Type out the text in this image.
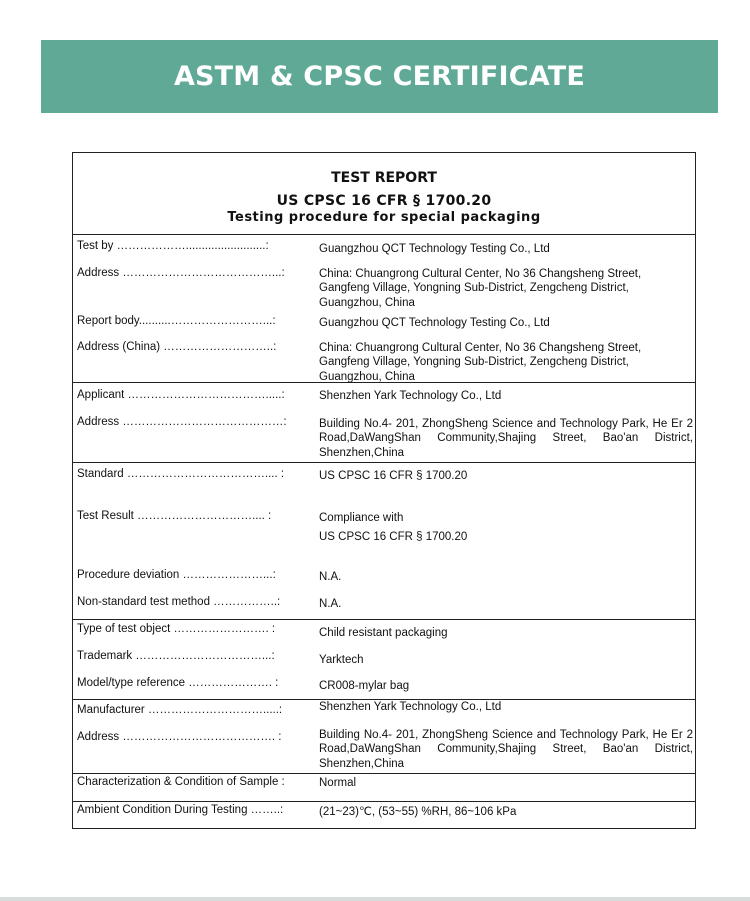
ASTM & CPSC CERTIFICATE
TEST REPORT
US CPSC 16 CFR § 1700.20
Testing procedure for special packaging
Test by ……………….........................:	Guangzhou QCT Technology Testing Co., Ltd
Address …………………………………...:	China: Chuangrong Cultural Center, No 36 Changsheng Street, Gangfeng Village, Yongning Sub-District, Zengcheng District, Guangzhou, China
Report body..........……………………...:	Guangzhou QCT Technology Testing Co., Ltd
Address (China) ………………………..:	China: Chuangrong Cultural Center, No 36 Changsheng Street, Gangfeng Village, Yongning Sub-District, Zengcheng District, Guangzhou, China
Applicant ……………………………….....:	Shenzhen Yark Technology Co., Ltd
Address ……………………………………:	Building No.4- 201, ZhongSheng Science and Technology Park, He Er 2 Road,DaWangShan Community,Shajing Street, Bao'an District, Shenzhen,China
Standard ……………………………….... :	US CPSC 16 CFR § 1700.20
Test Result ………………………….... :	Compliance with
US CPSC 16 CFR § 1700.20
Procedure deviation …………………...:	N.A.
Non-standard test method ……………..:	N.A.
Type of test object ……………………. :	Child resistant packaging
Trademark ……………………………...:	Yarktech
Model/type reference …………………. :	CR008-mylar bag
Manufacturer ………………………….....:	Shenzhen Yark Technology Co., Ltd
Address …………………………………. :	Building No.4- 201, ZhongSheng Science and Technology Park, He Er 2 Road,DaWangShan Community,Shajing Street, Bao'an District, Shenzhen,China
Characterization & Condition of Sample :	Normal
Ambient Condition During Testing ……..:	(21~23)℃, (53~55) %RH, 86~106 kPa
